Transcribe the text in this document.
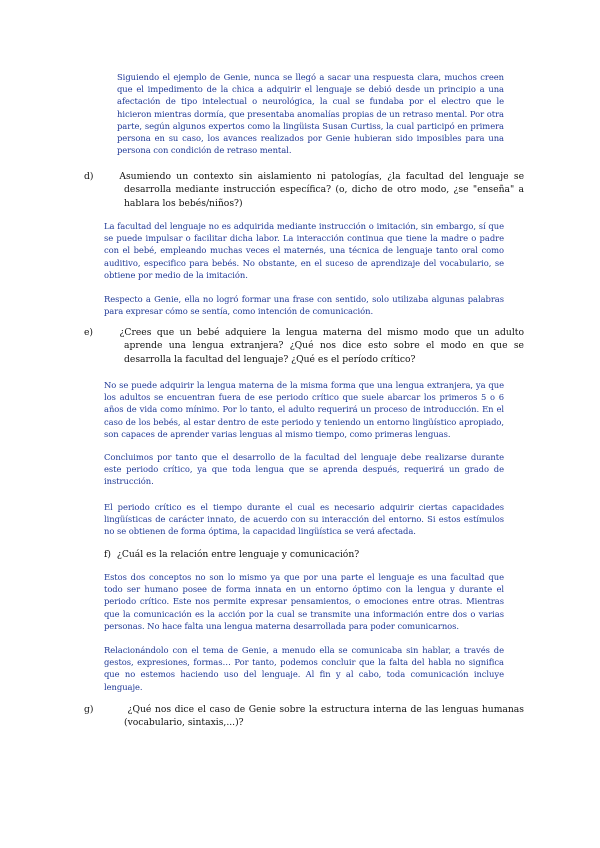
Siguiendo el ejemplo de Genie, nunca se llegó a sacar una respuesta clara, muchos creen que el impedimento de la chica a adquirir el lenguaje se debió desde un principio a una afectación de tipo intelectual o neurológica, la cual se fundaba por el electro que le hicieron mientras dormía, que presentaba anomalías propias de un retraso mental. Por otra parte, según algunos expertos como la lingüista Susan Curtiss, la cual participó en primera persona en su caso, los avances realizados por Genie hubieran sido imposibles para una persona con condición de retraso mental.

d)	Asumiendo un contexto sin aislamiento ni patologías, ¿la facultad del lenguaje se desarrolla mediante instrucción específica? (o, dicho de otro modo, ¿se "enseña" a hablara los bebés/niños?)

La facultad del lenguaje no es adquirida mediante instrucción o imitación, sin embargo, sí que se puede impulsar o facilitar dicha labor. La interacción continua que tiene la madre o padre con el bebé, empleando muchas veces el maternés, una técnica de lenguaje tanto oral como auditivo, especifico para bebés. No obstante, en el suceso de aprendizaje del vocabulario, se obtiene por medio de la imitación.

Respecto a Genie, ella no logró formar una frase con sentido, solo utilizaba algunas palabras para expresar cómo se sentía, como intención de comunicación.

e)	¿Crees que un bebé adquiere la lengua materna del mismo modo que un adulto aprende una lengua extranjera? ¿Qué nos dice esto sobre el modo en que se desarrolla la facultad del lenguaje? ¿Qué es el período crítico?

No se puede adquirir la lengua materna de la misma forma que una lengua extranjera, ya que los adultos se encuentran fuera de ese periodo crítico que suele abarcar los primeros 5 o 6 años de vida como mínimo. Por lo tanto, el adulto requerirá un proceso de introducción. En el caso de los bebés, al estar dentro de este periodo y teniendo un entorno lingüístico apropiado, son capaces de aprender varias lenguas al mismo tiempo, como primeras lenguas.

Concluimos por tanto que el desarrollo de la facultad del lenguaje debe realizarse durante este periodo crítico, ya que toda lengua que se aprenda después, requerirá un grado de instrucción.

El periodo crítico es el tiempo durante el cual es necesario adquirir ciertas capacidades lingüísticas de carácter innato, de acuerdo con su interacción del entorno. Si estos estímulos no se obtienen de forma óptima, la capacidad lingüística se verá afectada.

f) ¿Cuál es la relación entre lenguaje y comunicación?

Estos dos conceptos no son lo mismo ya que por una parte el lenguaje es una facultad que todo ser humano posee de forma innata en un entorno óptimo con la lengua y durante el periodo crítico. Este nos permite expresar pensamientos, o emociones entre otras. Mientras que la comunicación es la acción por la cual se transmite una información entre dos o varias personas. No hace falta una lengua materna desarrollada para poder comunicarnos.

Relacionándolo con el tema de Genie, a menudo ella se comunicaba sin hablar, a través de gestos, expresiones, formas… Por tanto, podemos concluir que la falta del habla no significa que no estemos haciendo uso del lenguaje. Al fin y al cabo, toda comunicación incluye lenguaje.

g)	¿Qué nos dice el caso de Genie sobre la estructura interna de las lenguas humanas (vocabulario, sintaxis,...)?
